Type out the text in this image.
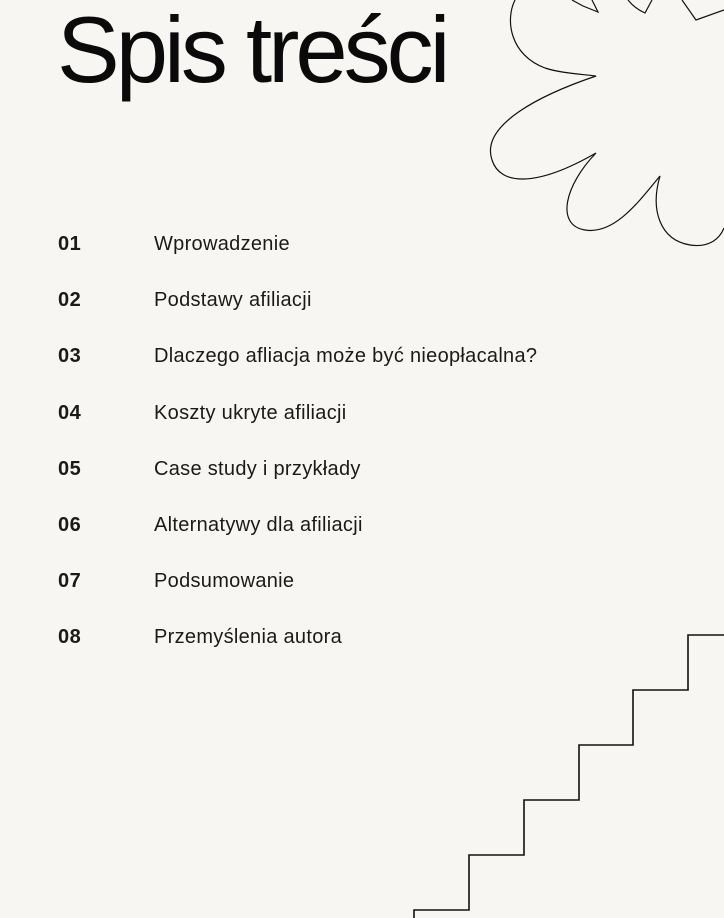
Spis treści
01	Wprowadzenie
02	Podstawy afiliacji
03	Dlaczego afliacja może być nieopłacalna?
04	Koszty ukryte afiliacji
05	Case study i przykłady
06	Alternatywy dla afiliacji
07	Podsumowanie
08	Przemyślenia autora
